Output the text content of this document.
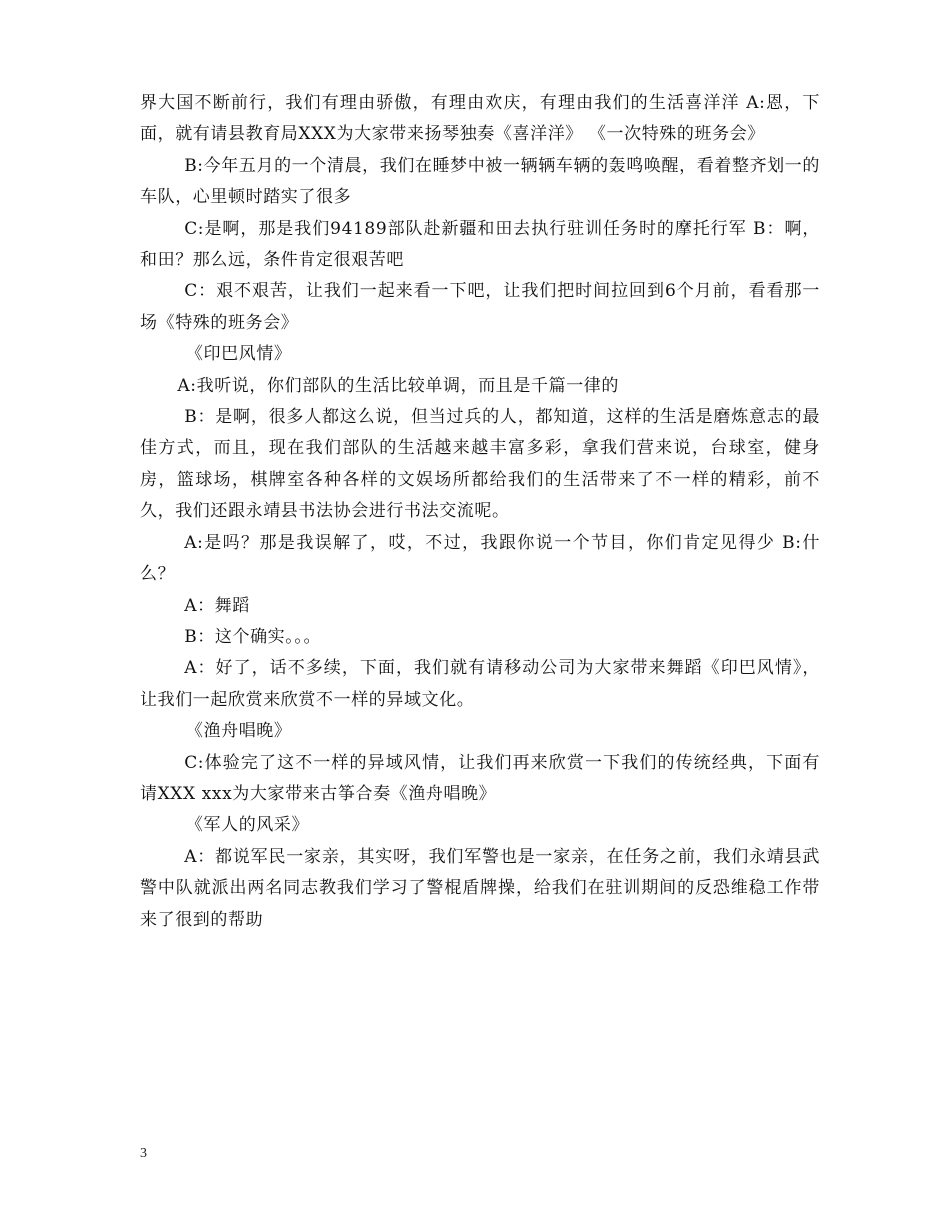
界大国不断前行，我们有理由骄傲，有理由欢庆，有理由我们的生活喜洋洋 A:恩，下面，就有请县教育局XXX为大家带来扬琴独奏《喜洋洋》 《一次特殊的班务会》

B:今年五月的一个清晨，我们在睡梦中被一辆辆车辆的轰鸣唤醒，看着整齐划一的车队，心里顿时踏实了很多

C:是啊，那是我们94189部队赴新疆和田去执行驻训任务时的摩托行军 B：啊，和田？那么远，条件肯定很艰苦吧

C：艰不艰苦，让我们一起来看一下吧，让我们把时间拉回到6个月前，看看那一场《特殊的班务会》

《印巴风情》

A:我听说，你们部队的生活比较单调，而且是千篇一律的

B：是啊，很多人都这么说，但当过兵的人，都知道，这样的生活是磨炼意志的最佳方式，而且，现在我们部队的生活越来越丰富多彩，拿我们营来说，台球室，健身房，篮球场，棋牌室各种各样的文娱场所都给我们的生活带来了不一样的精彩，前不久，我们还跟永靖县书法协会进行书法交流呢。

A:是吗？那是我误解了，哎，不过，我跟你说一个节目，你们肯定见得少 B:什么？

A：舞蹈

B：这个确实。。。

A：好了，话不多续，下面，我们就有请移动公司为大家带来舞蹈《印巴风情》，让我们一起欣赏来欣赏不一样的异域文化。

《渔舟唱晚》

C:体验完了这不一样的异域风情，让我们再来欣赏一下我们的传统经典，下面有请XXX xxx为大家带来古筝合奏《渔舟唱晚》

《军人的风采》

A：都说军民一家亲，其实呀，我们军警也是一家亲，在任务之前，我们永靖县武警中队就派出两名同志教我们学习了警棍盾牌操，给我们在驻训期间的反恐维稳工作带来了很到的帮助

3
